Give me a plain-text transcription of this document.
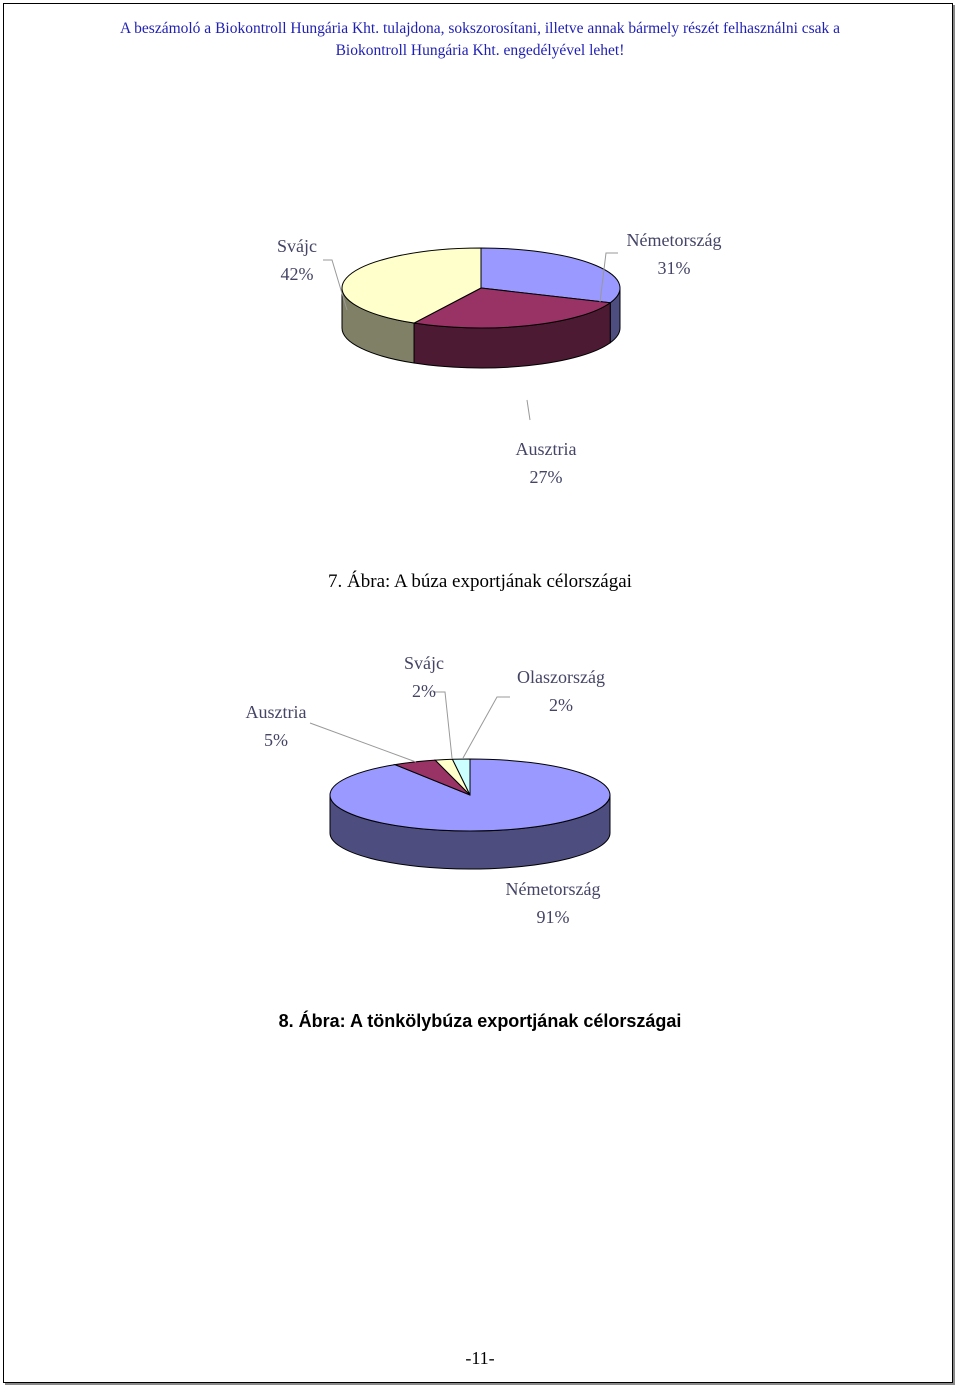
A beszámoló a Biokontroll Hungária Kht. tulajdona, sokszorosítani, illetve annak bármely részét felhasználni csak a
Biokontroll Hungária Kht. engedélyével lehet!
Németország
31%
Ausztria
27%
Svájc
42%
7. Ábra: A búza exportjának célországai
Németország
91%
Ausztria
5%
Svájc
2%
Olaszország
2%
8. Ábra: A tönkölybúza exportjának célországai
-11-
